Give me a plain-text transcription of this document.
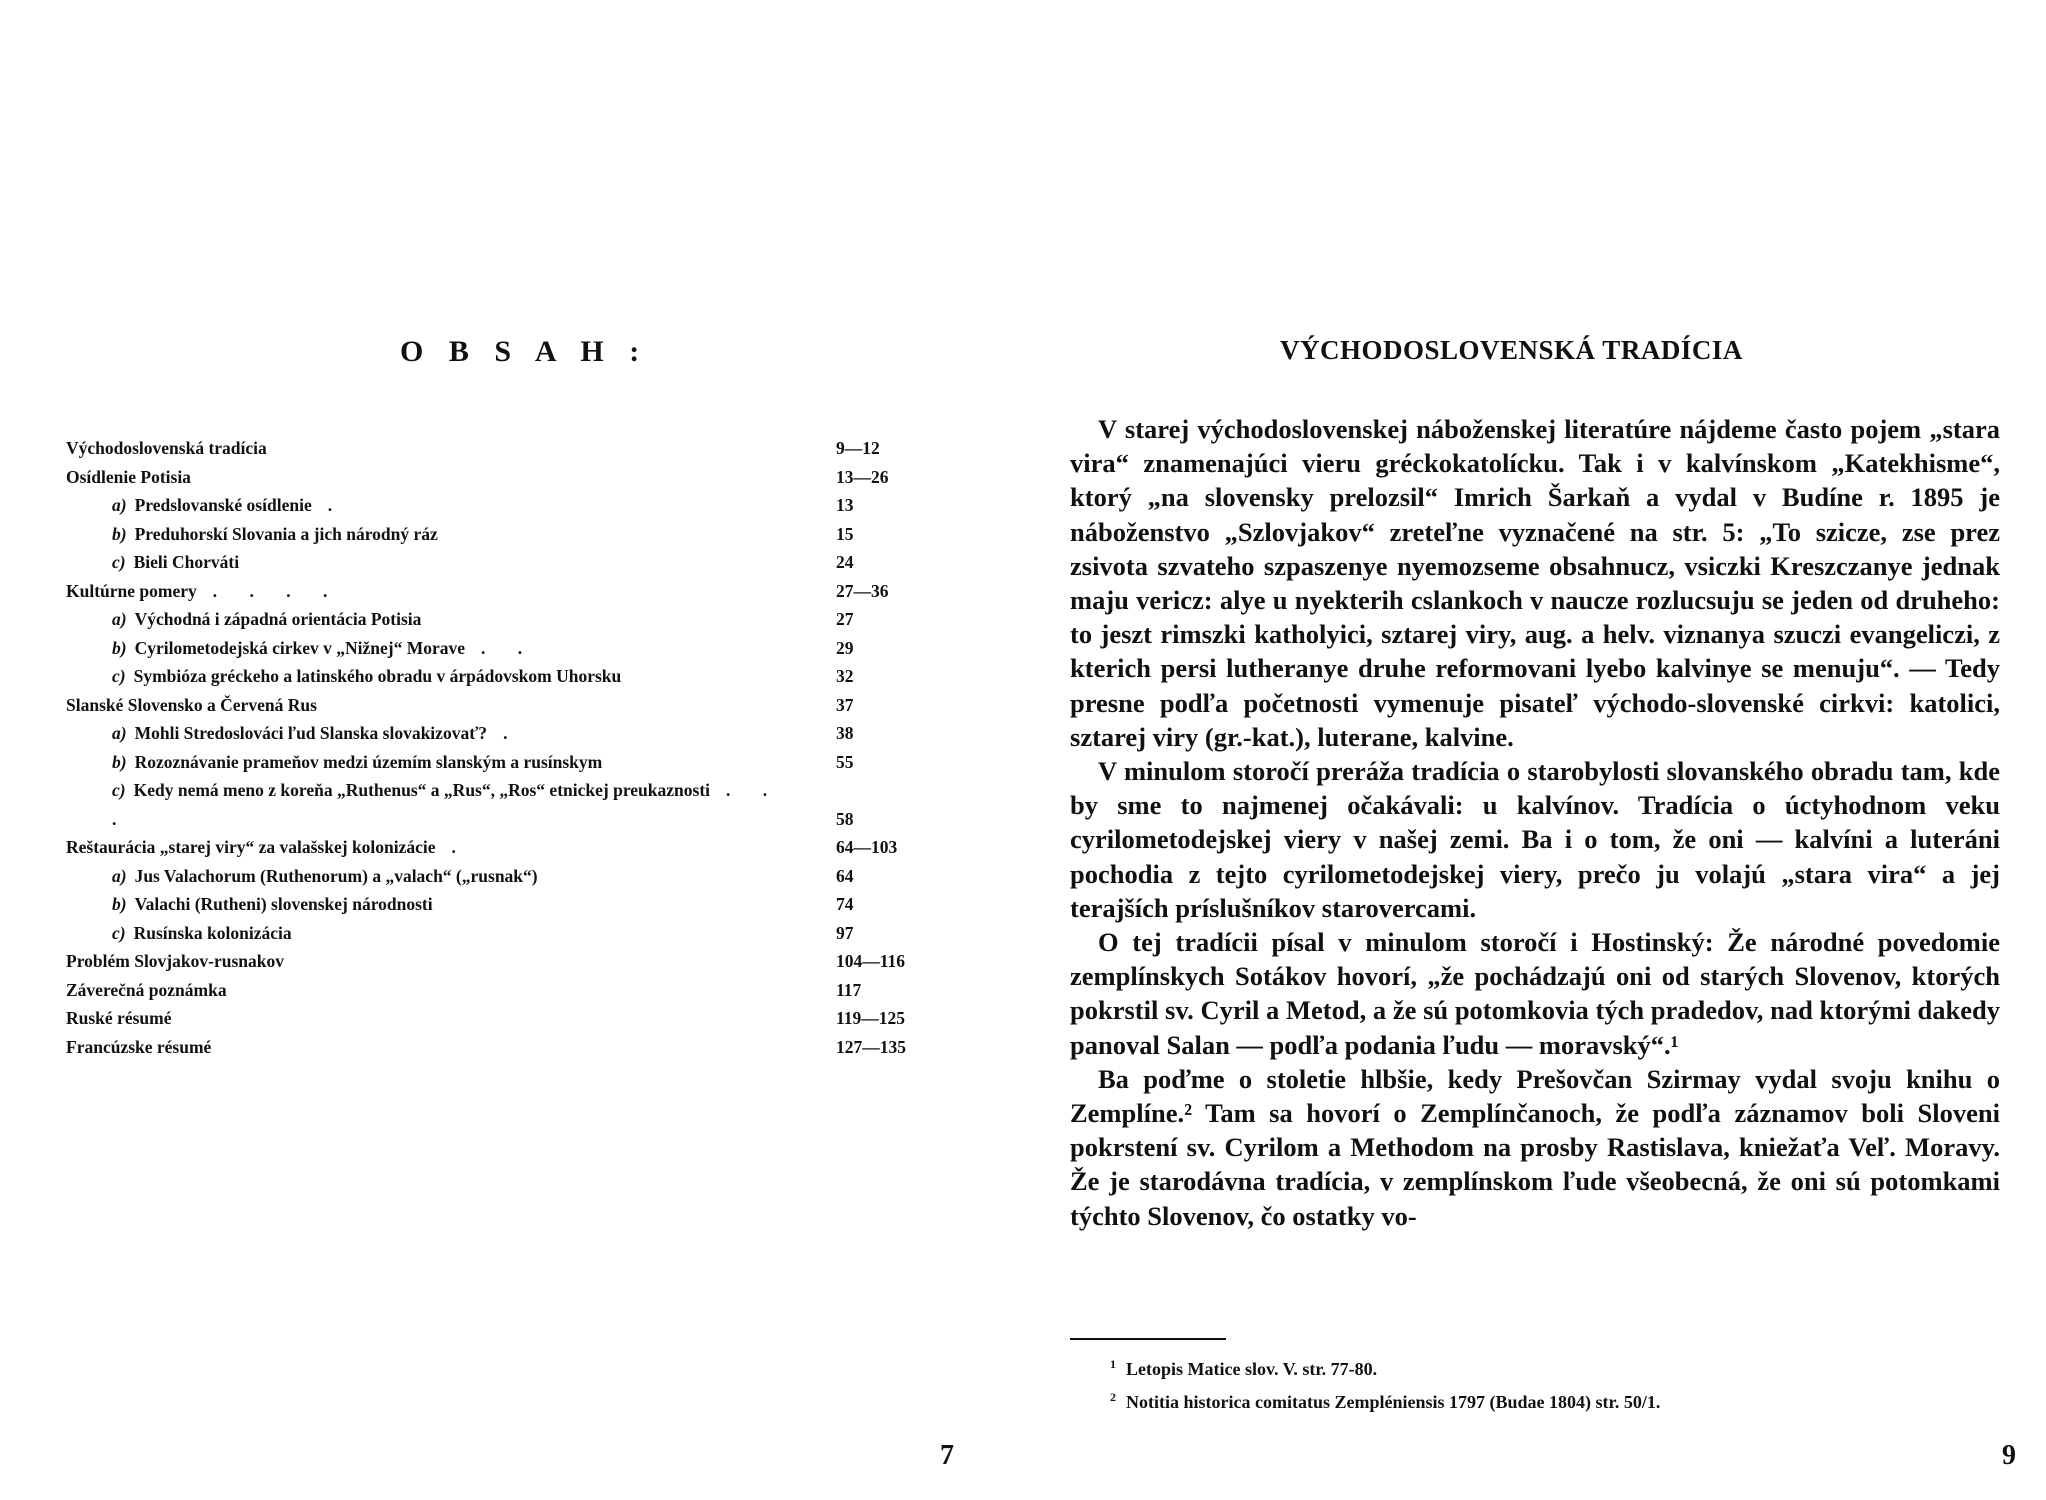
O B S A H :
Východoslovenská tradícia	9—12
Osídlenie Potisia	13—26
a) Predslovanské osídlenie .	13
b) Preduhorskí Slovania a jich národný ráz	15
c) Bieli Chorváti	24
Kultúrne pomery . . . .	27—36
a) Východná i západná orientácia Potisia	27
b) Cyrilometodejská cirkev v „Nižnej“ Morave . .	29
c) Symbióza gréckeho a latinského obradu v árpádovskom Uhorsku	32
Slanské Slovensko a Červená Rus	37
a) Mohli Stredoslováci ľud Slanska slovakizovať? .	38
b) Rozoznávanie prameňov medzi územím slanským a rusínskym	55
c) Kedy nemá meno z koreňa „Ruthenus“ a „Rus“, „Ros“ etnickej preukaznosti . . .	58
Reštaurácia „starej viry“ za valašskej kolonizácie .	64—103
a) Jus Valachorum (Ruthenorum) a „valach“ („rusnak“)	64
b) Valachi (Rutheni) slovenskej národnosti	74
c) Rusínska kolonizácia	97
Problém Slovjakov-rusnakov	104—116
Záverečná poznámka	117
Ruské résumé	119—125
Francúzske résumé	127—135
7
VÝCHODOSLOVENSKÁ TRADÍCIA

V starej východoslovenskej náboženskej literatúre nájdeme často pojem „stara vira“ znamenajúci vieru gréckokatolícku. Tak i v kalvínskom „Katekhisme“, ktorý „na slovensky prelozsil“ Imrich Šarkaň a vydal v Budíne r. 1895 je náboženstvo „Szlovjakov“ zreteľne vyznačené na str. 5: „To szicze, zse prez zsivota szvateho szpaszenye nyemozseme obsahnucz, vsiczki Kreszczanye jednak maju vericz: alye u nyekterih cslankoch v naucze rozlucsuju se jeden od druheho: to jeszt rimszki katholyici, sztarej viry, aug. a helv. viznanya szuczi evangeliczi, z kterich persi lutheranye druhe reformovani lyebo kalvinye se menuju“. — Tedy presne podľa početnosti vymenuje pisateľ východo-slovenské cirkvi: katolici, sztarej viry (gr.-kat.), luterane, kalvine.

V minulom storočí preráža tradícia o starobylosti slovanského obradu tam, kde by sme to najmenej očakávali: u kalvínov. Tradícia o úctyhodnom veku cyrilometodejskej viery v našej zemi. Ba i o tom, že oni — kalvíni a luteráni pochodia z tejto cyrilometodejskej viery, prečo ju volajú „stara vira“ a jej terajších príslušníkov starovercami.

O tej tradícii písal v minulom storočí i Hostinský: Že národné povedomie zemplínskych Sotákov hovorí, „že pochádzajú oni od starých Slovenov, ktorých pokrstil sv. Cyril a Metod, a že sú potomkovia tých pradedov, nad ktorými dakedy panoval Salan — podľa podania ľudu — moravský“.¹

Ba poďme o stoletie hlbšie, kedy Prešovčan Szirmay vydal svoju knihu o Zemplíne.² Tam sa hovorí o Zemplínčanoch, že podľa záznamov boli Sloveni pokrstení sv. Cyrilom a Methodom na prosby Rastislava, kniežaťa Veľ. Moravy. Že je starodávna tradícia, v zemplínskom ľude všeobecná, že oni sú potomkami týchto Slovenov, čo ostatky vo-

$^1$ Letopis Matice slov. V. str. 77-80.
$^2$ Notitia historica comitatus Zempléniensis 1797 (Budae 1804) str. 50/1.
9
